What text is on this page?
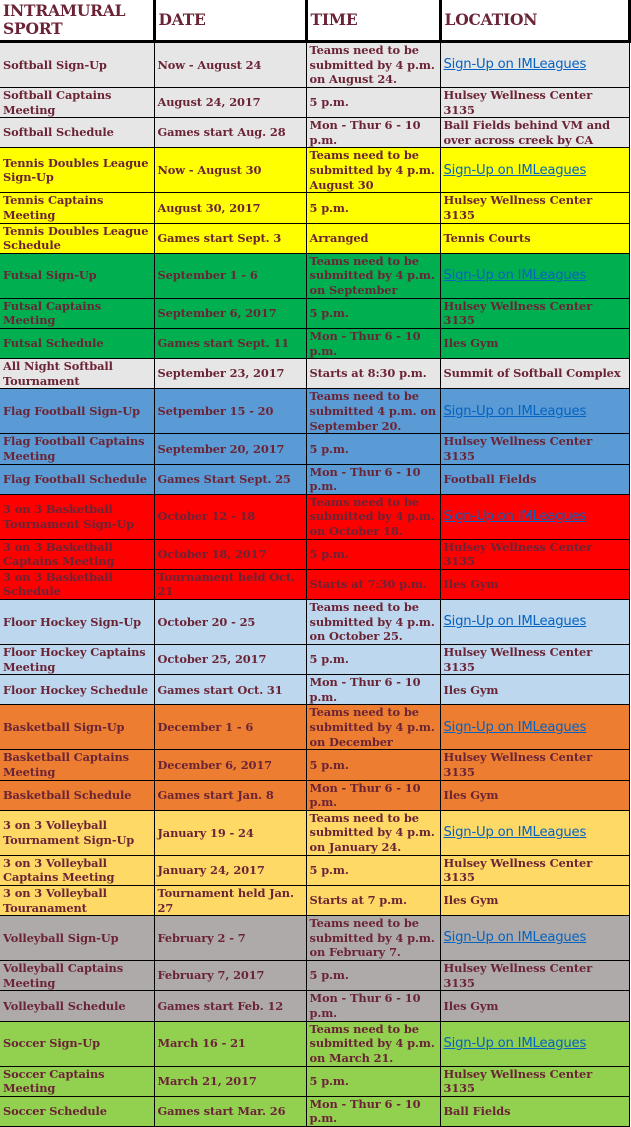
INTRAMURAL SPORT	DATE	TIME	LOCATION
Softball Sign-Up	Now - August 24	Teams need to be submitted by 4 p.m. on August 24.	Sign-Up on IMLeagues
Softball Captains Meeting	August 24, 2017	5 p.m.	Hulsey Wellness Center 3135
Softball Schedule	Games start Aug. 28	Mon - Thur 6 - 10 p.m.	Ball Fields behind VM and over across creek by CA
Tennis Doubles League Sign-Up	Now - August 30	Teams need to be submitted by 4 p.m. August 30	Sign-Up on IMLeagues
Tennis Captains Meeting	August 30, 2017	5 p.m.	Hulsey Wellness Center 3135
Tennis Doubles League Schedule	Games start Sept. 3	Arranged	Tennis Courts
Futsal Sign-Up	September 1 - 6	Teams need to be submitted by 4 p.m. on September	Sign-Up on IMLeagues
Futsal Captains Meeting	September 6, 2017	5 p.m.	Hulsey Wellness Center 3135
Futsal Schedule	Games start Sept. 11	Mon - Thur 6 - 10 p.m.	Iles Gym
All Night Softball Tournament	September 23, 2017	Starts at 8:30 p.m.	Summit of Softball Complex
Flag Football Sign-Up	Setpember 15 - 20	Teams need to be submitted 4 p.m. on September 20.	Sign-Up on IMLeagues
Flag Football Captains Meeting	September 20, 2017	5 p.m.	Hulsey Wellness Center 3135
Flag Football Schedule	Games Start Sept. 25	Mon - Thur 6 - 10 p.m.	Football Fields
3 on 3 Basketball Tournament Sign-Up	October 12 - 18	Teams need to be submitted by 4 p.m. on October 18.	Sign-Up on IMLeagues
3 on 3 Basketball Captains Meeting	October 18, 2017	5 p.m.	Hulsey Wellness Center 3135
3 on 3 Basketball Schedule	Tournament held Oct. 21	Starts at 7:30 p.m.	Iles Gym
Floor Hockey Sign-Up	October 20 - 25	Teams need to be submitted by 4 p.m. on October 25.	Sign-Up on IMLeagues
Floor Hockey Captains Meeting	October 25, 2017	5 p.m.	Hulsey Wellness Center 3135
Floor Hockey Schedule	Games start Oct. 31	Mon - Thur 6 - 10 p.m.	Iles Gym
Basketball Sign-Up	December 1 - 6	Teams need to be submitted by 4 p.m. on December	Sign-Up on IMLeagues
Basketball Captains Meeting	December 6, 2017	5 p.m.	Hulsey Wellness Center 3135
Basketball Schedule	Games start Jan. 8	Mon - Thur 6 - 10 p.m.	Iles Gym
3 on 3 Volleyball Tournament Sign-Up	January 19 - 24	Teams need to be submitted by 4 p.m. on January 24.	Sign-Up on IMLeagues
3 on 3 Volleyball Captains Meeting	January 24, 2017	5 p.m.	Hulsey Wellness Center 3135
3 on 3 Volleyball Touranament	Tournament held Jan. 27	Starts at 7 p.m.	Iles Gym
Volleyball Sign-Up	February 2 - 7	Teams need to be submitted by 4 p.m. on February 7.	Sign-Up on IMLeagues
Volleyball Captains Meeting	February 7, 2017	5 p.m.	Hulsey Wellness Center 3135
Volleyball Schedule	Games start Feb. 12	Mon - Thur 6 - 10 p.m.	Iles Gym
Soccer Sign-Up	March 16 - 21	Teams need to be submitted by 4 p.m. on March 21.	Sign-Up on IMLeagues
Soccer Captains Meeting	March 21, 2017	5 p.m.	Hulsey Wellness Center 3135
Soccer Schedule	Games start Mar. 26	Mon - Thur 6 - 10 p.m.	Ball Fields
